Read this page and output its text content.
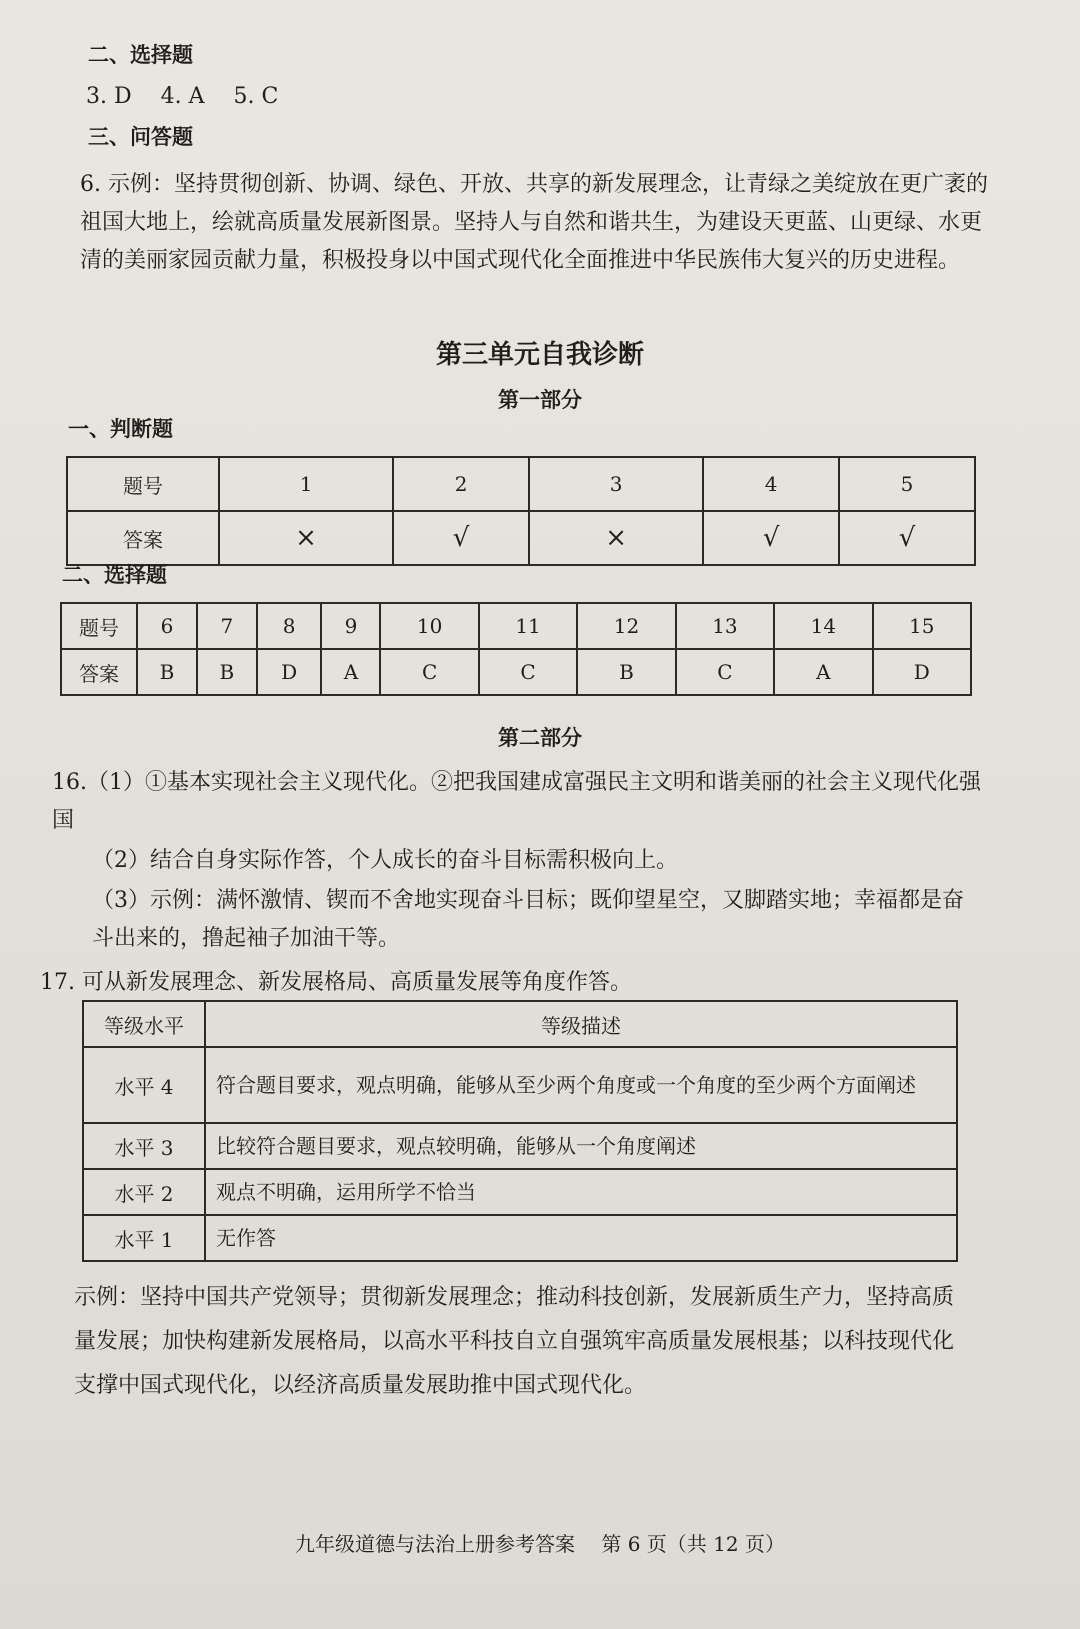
二、选择题
3. D　 4. A　 5. C
三、问答题
6. 示例：坚持贯彻创新、协调、绿色、开放、共享的新发展理念，让青绿之美绽放在更广袤的祖国大地上，绘就高质量发展新图景。坚持人与自然和谐共生，为建设天更蓝、山更绿、水更清的美丽家园贡献力量，积极投身以中国式现代化全面推进中华民族伟大复兴的历史进程。
第三单元自我诊断
第一部分
一、判断题
题号	1	2	3	4	5
答案	×	√	×	√	√
二、选择题
题号	6	7	8	9	10	11	12	13	14	15
答案	B	B	D	A	C	C	B	C	A	D
第二部分
16.（1）①基本实现社会主义现代化。②把我国建成富强民主文明和谐美丽的社会主义现代化强国
（2）结合自身实际作答，个人成长的奋斗目标需积极向上。
（3）示例：满怀激情、锲而不舍地实现奋斗目标；既仰望星空，又脚踏实地；幸福都是奋斗出来的，撸起袖子加油干等。
17. 可从新发展理念、新发展格局、高质量发展等角度作答。
等级水平	等级描述
水平 4	符合题目要求，观点明确，能够从至少两个角度或一个角度的至少两个方面阐述
水平 3	比较符合题目要求，观点较明确，能够从一个角度阐述
水平 2	观点不明确，运用所学不恰当
水平 1	无作答
示例：坚持中国共产党领导；贯彻新发展理念；推动科技创新，发展新质生产力，坚持高质量发展；加快构建新发展格局，以高水平科技自立自强筑牢高质量发展根基；以科技现代化支撑中国式现代化，以经济高质量发展助推中国式现代化。
九年级道德与法治上册参考答案　 第 6 页（共 12 页）
